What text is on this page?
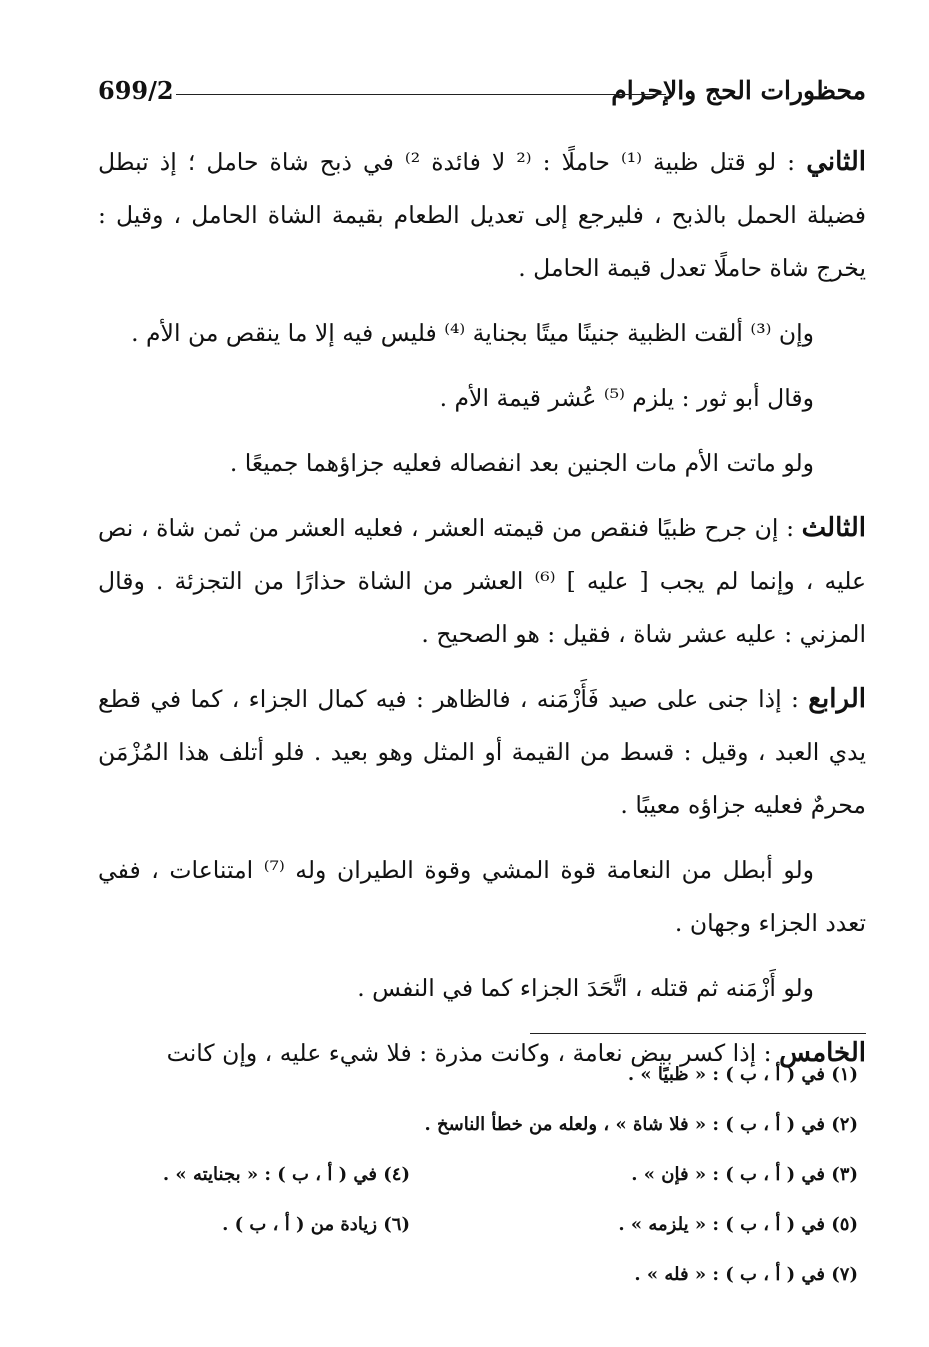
محظورات الحج والإحرام
699/2

الثاني : لو قتل ظبية ⁽¹⁾ حاملًا : ⁽² لا فائدة ²⁾ في ذبح شاة حامل ؛ إذ تبطل فضيلة الحمل بالذبح ، فليرجع إلى تعديل الطعام بقيمة الشاة الحامل ، وقيل : يخرج شاة حاملًا تعدل قيمة الحامل .

وإن ⁽³⁾ ألقت الظبية جنينًا ميتًا بجناية ⁽⁴⁾ فليس فيه إلا ما ينقص من الأم .

وقال أبو ثور : يلزم ⁽⁵⁾ عُشر قيمة الأم .

ولو ماتت الأم مات الجنين بعد انفصاله فعليه جزاؤهما جميعًا .

الثالث : إن جرح ظبيًا فنقص من قيمته العشر ، فعليه العشر من ثمن شاة ، نص عليه ، وإنما لم يجب [ عليه ] ⁽⁶⁾ العشر من الشاة حذارًا من التجزئة . وقال المزني : عليه عشر شاة ، فقيل : هو الصحيح .

الرابع : إذا جنى على صيد فَأَزْمَنه ، فالظاهر : فيه كمال الجزاء ، كما في قطع يدي العبد ، وقيل : قسط من القيمة أو المثل وهو بعيد . فلو أتلف هذا المُزْمَن محرمٌ فعليه جزاؤه معيبًا .

ولو أبطل من النعامة قوة المشي وقوة الطيران وله ⁽⁷⁾ امتناعات ، ففي تعدد الجزاء وجهان .

ولو أَزْمَنه ثم قتله ، اتَّحَدَ الجزاء كما في النفس .

الخامس : إذا كسر بيض نعامة ، وكانت مذرة : فلا شيء عليه ، وإن كانت

(١) في ( أ ، ب ) : « ظبيًا » .
(٢) في ( أ ، ب ) : « فلا شاة » ، ولعله من خطأ الناسخ .
(٣) في ( أ ، ب ) : « فإن » .
(٤) في ( أ ، ب ) : « بجنايته » .
(٥) في ( أ ، ب ) : « يلزمه » .
(٦) زيادة من ( أ ، ب ) .
(٧) في ( أ ، ب ) : « فله » .
